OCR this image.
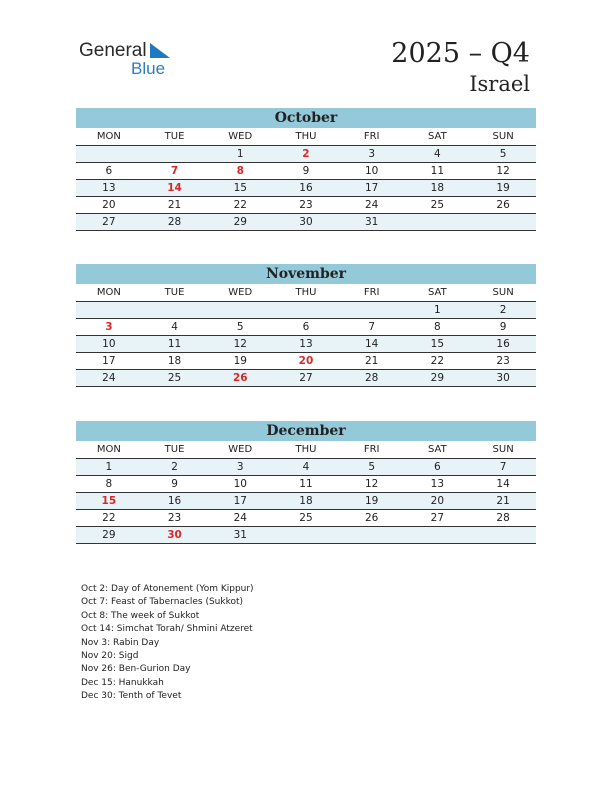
General
Blue	2025 – Q4
Israel
October
MON	TUE	WED	THU	FRI	SAT	SUN
		1	2	3	4	5
6	7	8	9	10	11	12
13	14	15	16	17	18	19
20	21	22	23	24	25	26
27	28	29	30	31		
November
MON	TUE	WED	THU	FRI	SAT	SUN
					1	2
3	4	5	6	7	8	9
10	11	12	13	14	15	16
17	18	19	20	21	22	23
24	25	26	27	28	29	30
December
MON	TUE	WED	THU	FRI	SAT	SUN
1	2	3	4	5	6	7
8	9	10	11	12	13	14
15	16	17	18	19	20	21
22	23	24	25	26	27	28
29	30	31				
Oct 2: Day of Atonement (Yom Kippur)
Oct 7: Feast of Tabernacles (Sukkot)
Oct 8: The week of Sukkot
Oct 14: Simchat Torah/ Shmini Atzeret
Nov 3: Rabin Day
Nov 20: Sigd
Nov 26: Ben-Gurion Day
Dec 15: Hanukkah
Dec 30: Tenth of Tevet
